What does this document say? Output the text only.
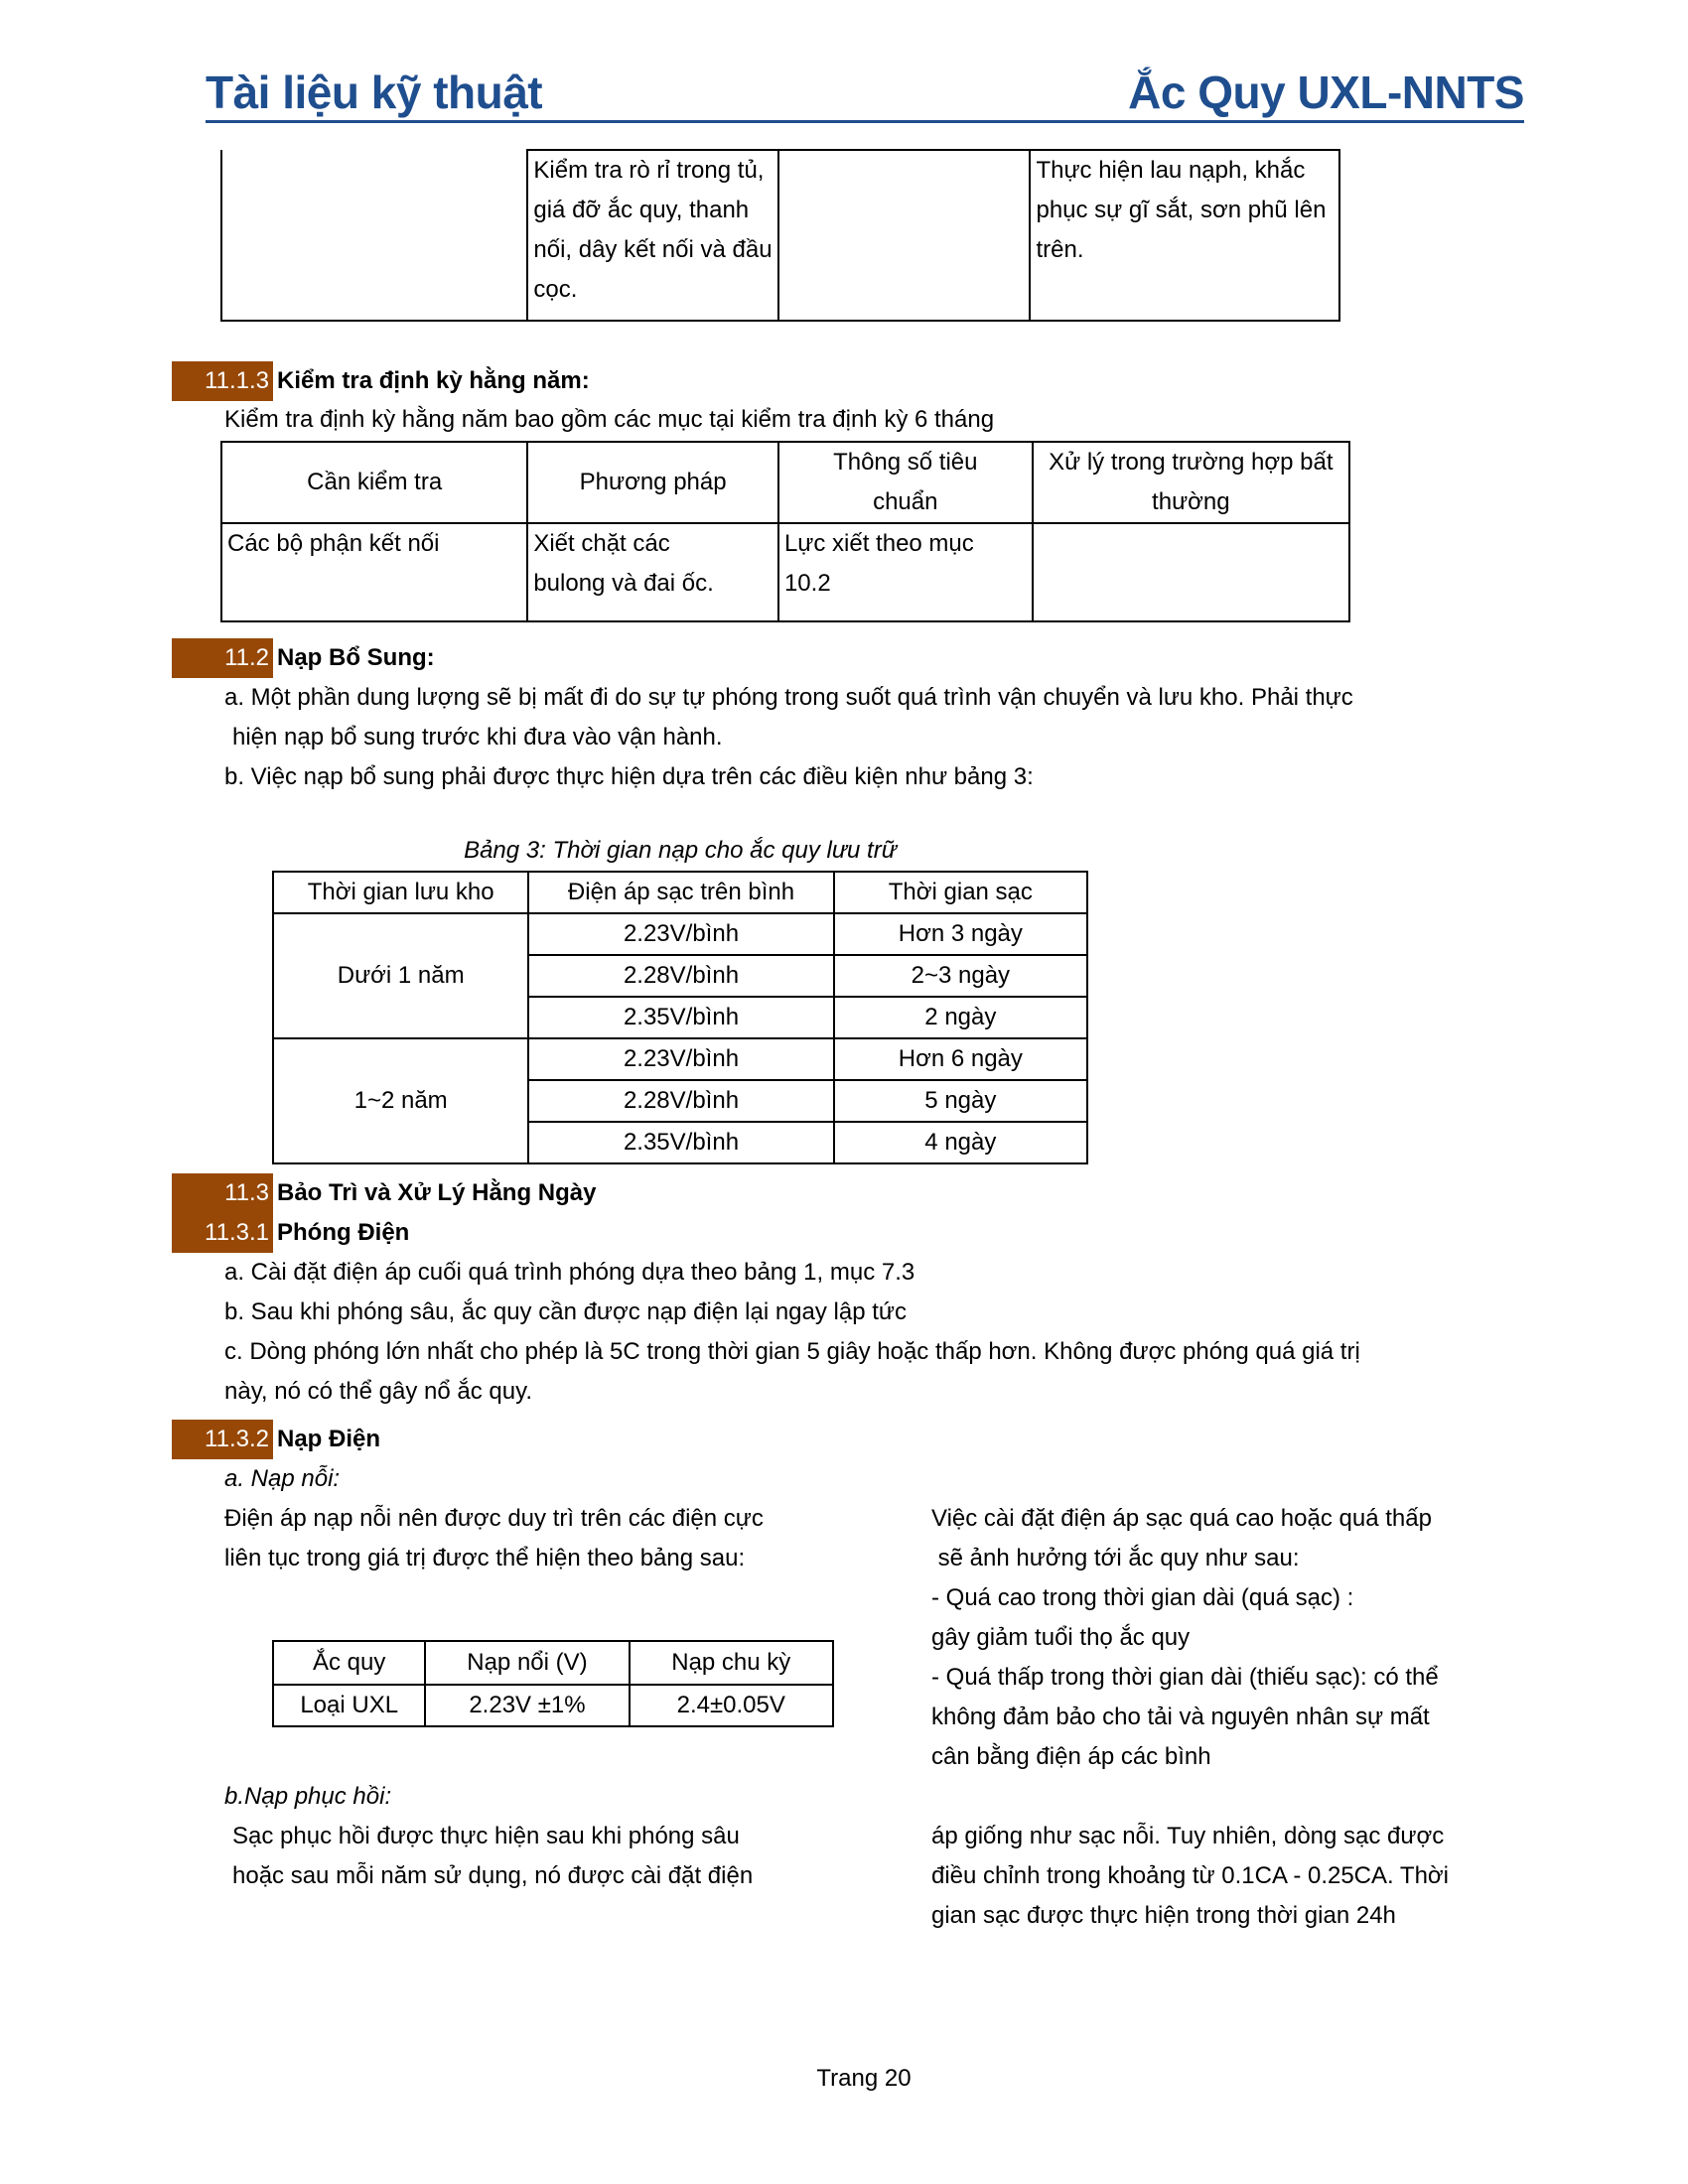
Tài liệu kỹ thuật	Ắc Quy UXL-NNTS
	Kiểm tra rò rỉ trong tủ, giá đỡ ắc quy, thanh nối, dây kết nối và đầu cọc.		Thực hiện lau nạph, khắc phục sự gĩ sắt, sơn phũ lên trên.
11.1.3 Kiểm tra định kỳ hằng năm:
Kiểm tra định kỳ hằng năm bao gồm các mục tại kiểm tra định kỳ 6 tháng
Cần kiểm tra	Phương pháp	Thông số tiêu chuẩn	Xử lý trong trường hợp bất thường
Các bộ phận kết nối	Xiết chặt các bulong và đai ốc.	Lực xiết theo mục 10.2	
11.2 Nạp Bổ Sung:
a. Một phần dung lượng sẽ bị mất đi do sự tự phóng trong suốt quá trình vận chuyển và lưu kho. Phải thực
hiện nạp bổ sung trước khi đưa vào vận hành.
b. Việc nạp bổ sung phải được thực hiện dựa trên các điều kiện như bảng 3:
Bảng 3: Thời gian nạp cho ắc quy lưu trữ
Thời gian lưu kho	Điện áp sạc trên bình	Thời gian sạc
Dưới 1 năm	2.23V/bình	Hơn 3 ngày
	2.28V/bình	2~3 ngày
	2.35V/bình	2 ngày
1~2 năm	2.23V/bình	Hơn 6 ngày
	2.28V/bình	5 ngày
	2.35V/bình	4 ngày
11.3 Bảo Trì và Xử Lý Hằng Ngày
11.3.1 Phóng Điện
a. Cài đặt điện áp cuối quá trình phóng dựa theo bảng 1, mục 7.3
b. Sau khi phóng sâu, ắc quy cần được nạp điện lại ngay lập tức
c. Dòng phóng lớn nhất cho phép là 5C trong thời gian 5 giây hoặc thấp hơn. Không được phóng quá giá trị
này, nó có thể gây nổ ắc quy.
11.3.2 Nạp Điện
a. Nạp nỗi:
Điện áp nạp nỗi nên được duy trì trên các điện cực
liên tục trong giá trị được thể hiện theo bảng sau:
Ắc quy	Nạp nổi (V)	Nạp chu kỳ
Loại UXL	2.23V ±1%	2.4±0.05V
Việc cài đặt điện áp sạc quá cao hoặc quá thấp
sẽ ảnh hưởng tới ắc quy như sau:
- Quá cao trong thời gian dài (quá sạc) :
gây giảm tuổi thọ ắc quy
- Quá thấp trong thời gian dài (thiếu sạc): có thể
không đảm bảo cho tải và nguyên nhân sự mất
cân bằng điện áp các bình
b.Nạp phục hồi:
Sạc phục hồi được thực hiện sau khi phóng sâu
hoặc sau mỗi năm sử dụng, nó được cài đặt điện
áp giống như sạc nỗi. Tuy nhiên, dòng sạc được
điều chỉnh trong khoảng từ 0.1CA - 0.25CA. Thời
gian sạc được thực hiện trong thời gian 24h
Trang 20
